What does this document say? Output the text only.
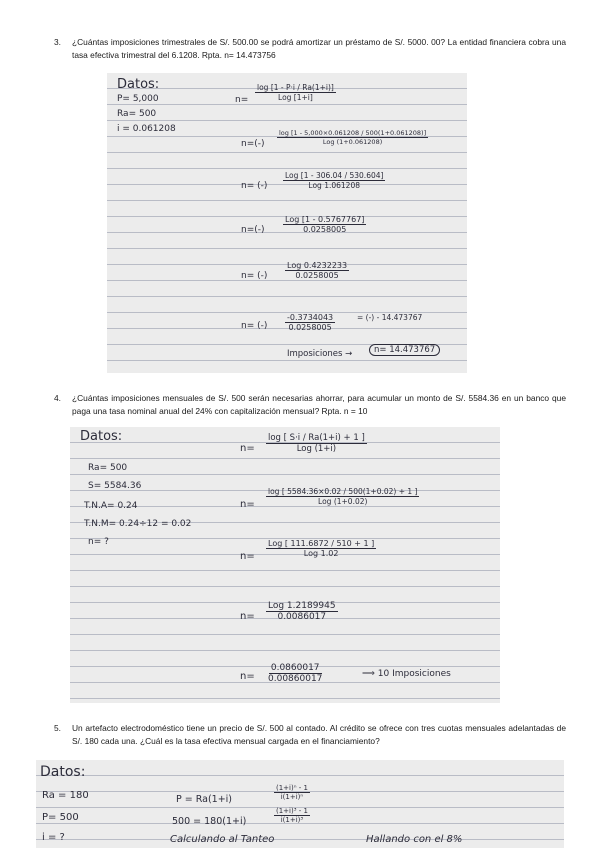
3. ¿Cuántas imposiciones trimestrales de S/. 500.00 se podrá amortizar un préstamo de S/. 5000. 00? La entidad financiera cobra una tasa efectiva trimestral del 6.1208. Rpta. n= 14.473756
Datos:
P= 5,000
Ra= 500
i = 0.061208
n=
log [1 - P·i / Ra(1+i)]
Log [1+i]
n=(-)
log [1 - 5,000×0.061208 / 500(1+0.061208)]
Log (1+0.061208)
n= (-)
Log [1 - 306.04 / 530.604]
Log 1.061208
n=(-)
Log [1 - 0.5767767]
0.0258005
n= (-)
Log 0.4232233
0.0258005
n= (-) $\frac{-0.3734043}{0.0258005}$	= (-) - 14.473767
Imposiciones →	n= 14.473767
4. ¿Cuántas imposiciones mensuales de S/. 500 serán necesarias ahorrar, para acumular un monto de S/. 5584.36 en un banco que paga una tasa nominal anual del 24% con capitalización mensual? Rpta. n = 10
Datos:
Ra= 500
S= 5584.36
T.N.A= 0.24
T.N.M= 0.24÷12 = 0.02
n= ?
n=
log [ S·i / Ra(1+i) + 1 ]
Log (1+i)
n=
log [ 5584.36×0.02 / 500(1+0.02) + 1 ]
Log (1+0.02)
n=
Log [ 111.6872 / 510 + 1 ]
Log 1.02
n=
Log 1.2189945
0.0086017
$n= \frac{0.0860017}{0.00860017}$	⟹ 10 Imposiciones
5. Un artefacto electrodoméstico tiene un precio de S/. 500 al contado. Al crédito se ofrece con tres cuotas mensuales adelantadas de S/. 180 cada una. ¿Cuál es la tasa efectiva mensual cargada en el financiamiento?
Datos:
Ra = 180
P= 500
i = ?
P = Ra(1+i)	$\frac{\text{(1+i)ⁿ - 1}}{\text{i(1+i)ⁿ}}$
500 = 180(1+i)	$\frac{\text{(1+i)³ - 1}}{\text{i(1+i)³}}$
Calculando al Tanteo	Hallando con el 8%
